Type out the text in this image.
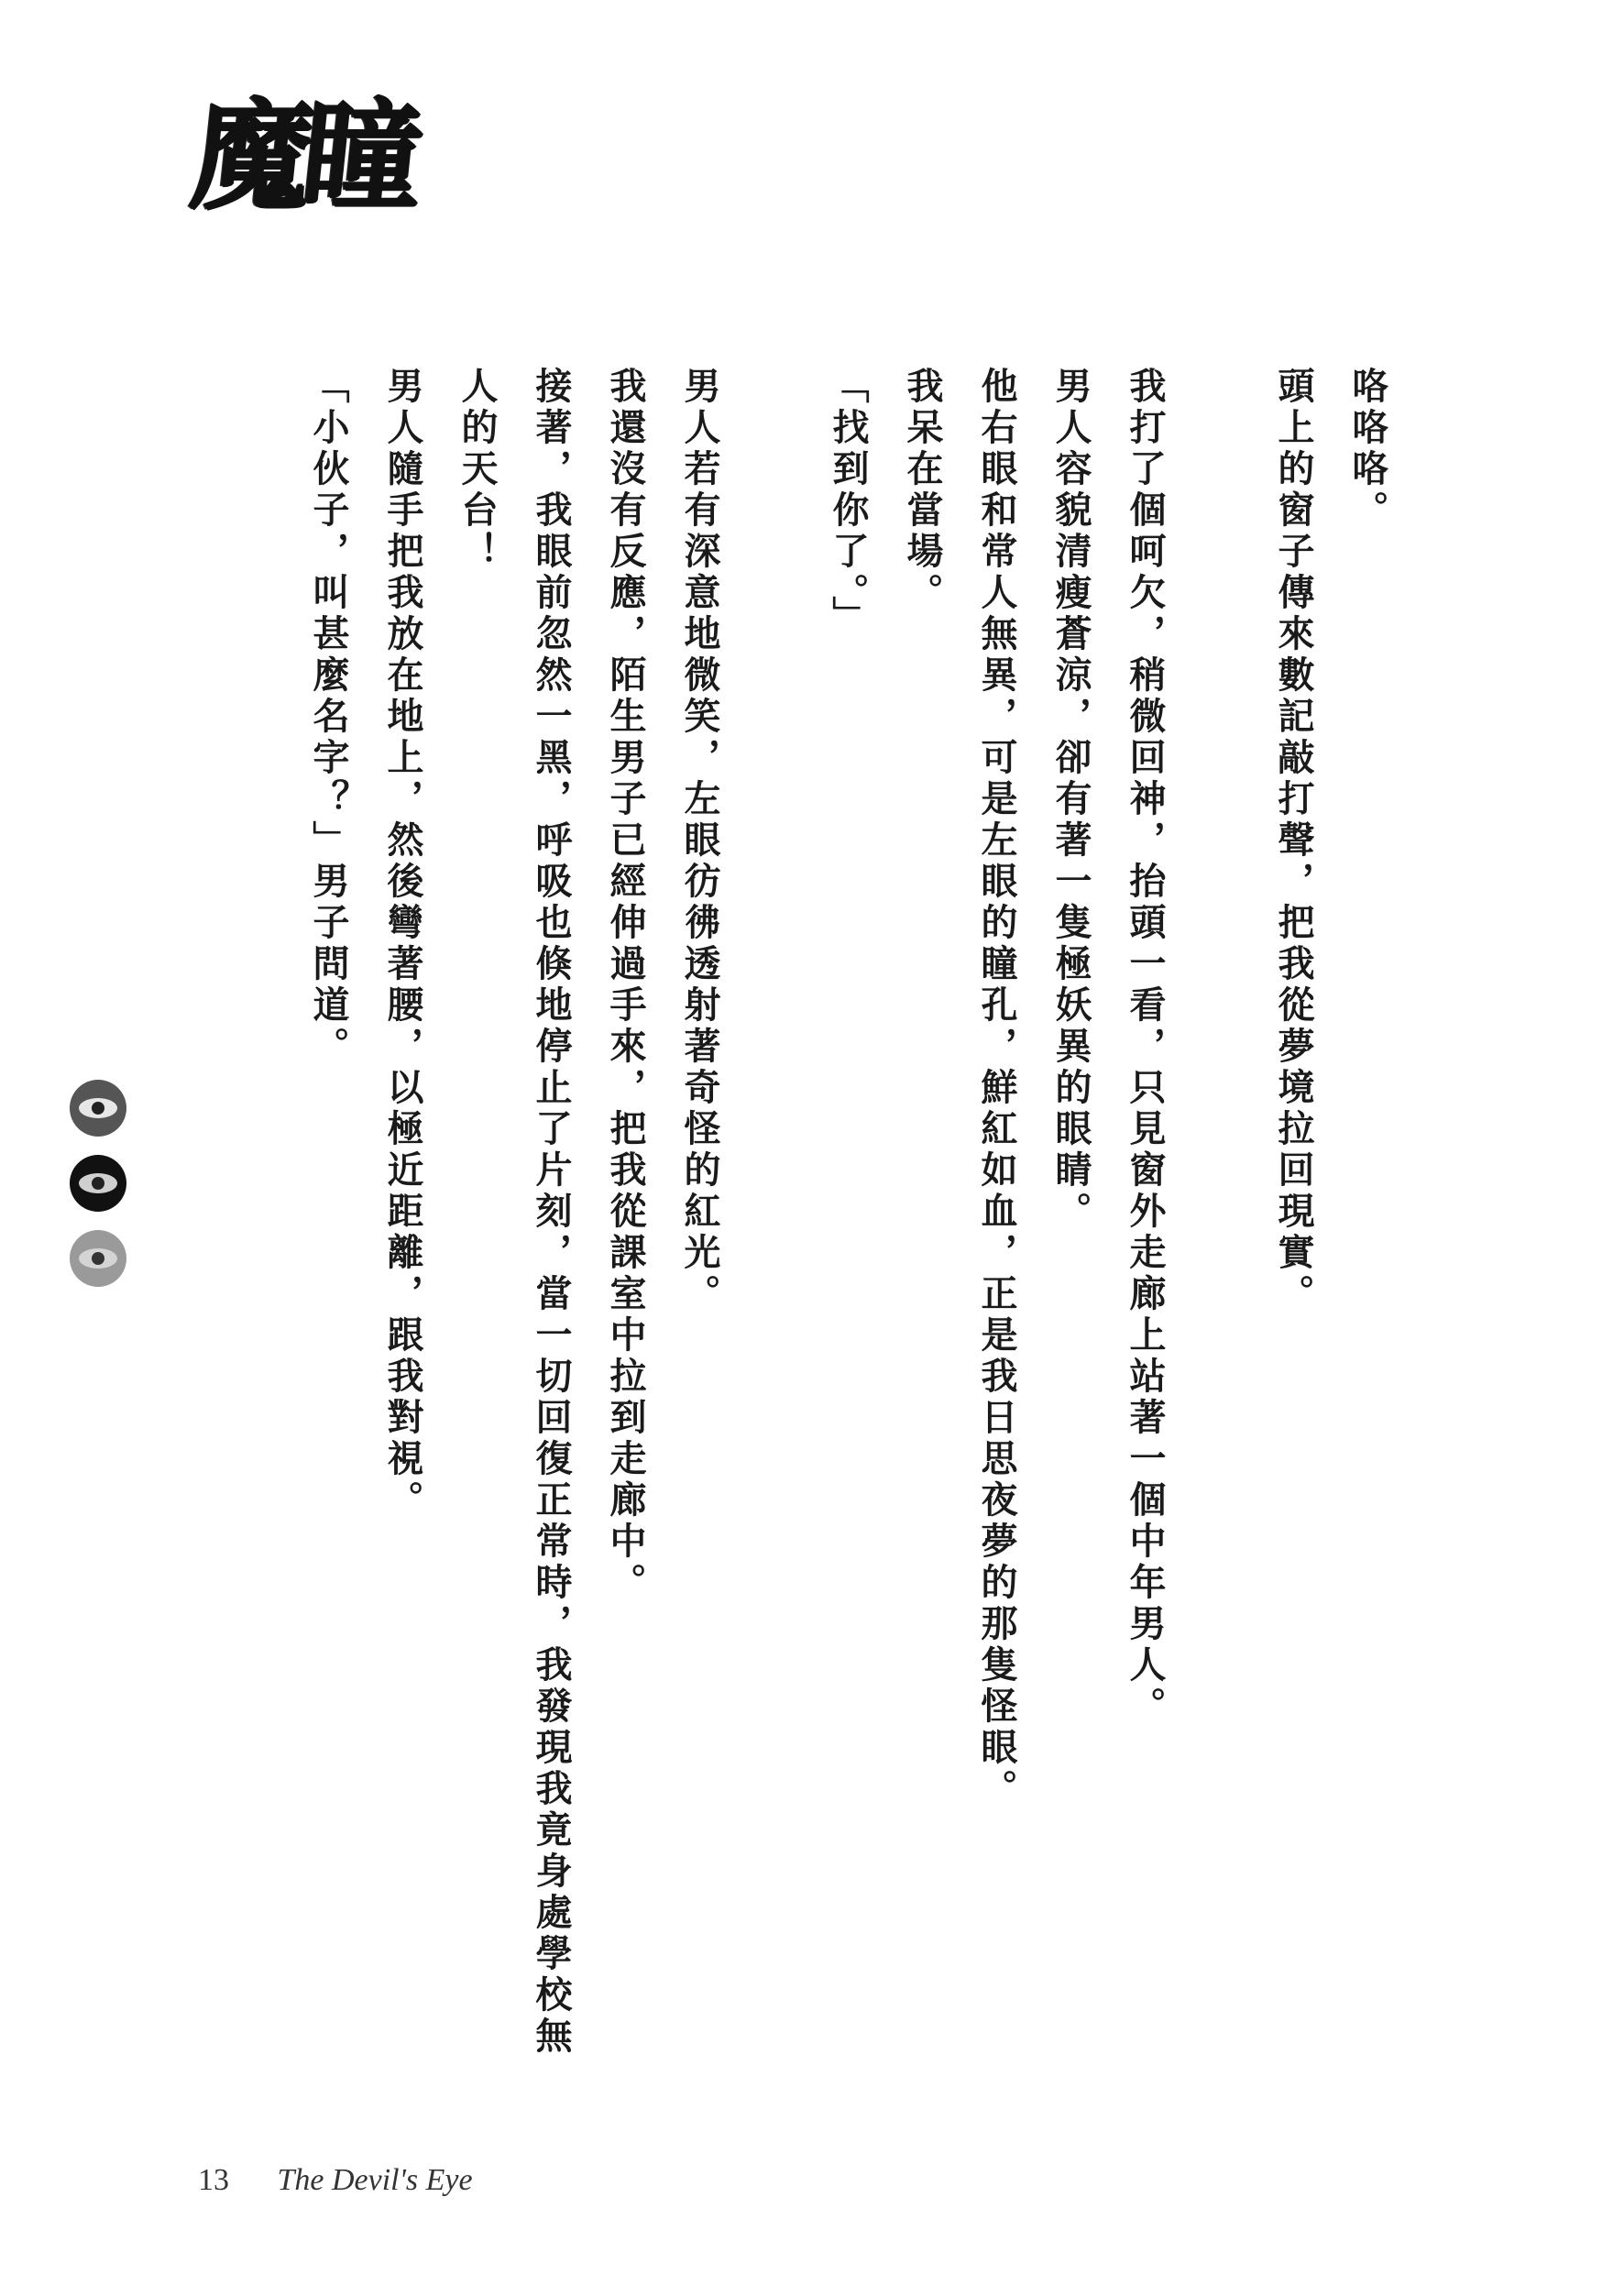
魔瞳

咯咯咯。

頭上的窗子傳來數記敲打聲，把我從夢境拉回現實。

我打了個呵欠，稍微回神，抬頭一看，只見窗外走廊上站著一個中年男人。

男人容貌清瘦蒼涼，卻有著一隻極妖異的眼睛。

他右眼和常人無異，可是左眼的瞳孔，鮮紅如血，正是我日思夜夢的那隻怪眼。

我呆在當場。

「找到你了。」

男人若有深意地微笑，左眼彷彿透射著奇怪的紅光。

我還沒有反應，陌生男子已經伸過手來，把我從課室中拉到走廊中。

接著，我眼前忽然一黑，呼吸也倏地停止了片刻，當一切回復正常時，我發現我竟身處學校無人的天台！

男人隨手把我放在地上，然後彎著腰，以極近距離，跟我對視。

「小伙子，叫甚麼名字？」男子問道。

13 The Devil's Eye
